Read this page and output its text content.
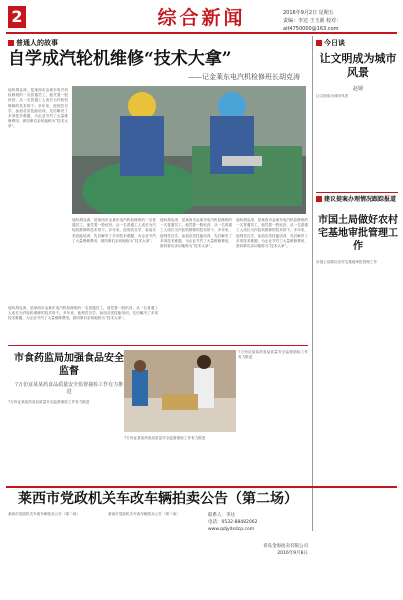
2	综合新闻	2016年9月2日 星期五
责编：李达 王玉新 校对：
ait4750000@163.com
普通人的故事
自学成汽轮机维修“技术大拿”
——记金莱东电汽机检修班长胡克涛
他叫胡克涛，是莱西市金莱东电汽机检修班的一名普通员工，他凭着一股钻劲，从一名普通工人成长为汽轮机维修的技术骨干。多年来，他刻苦自学，参加各类技能培训，先后解决了多项技术难题，为企业节约了大量维修费用，被同事们亲切地称为“技术大拿”。
他叫胡克涛，是莱西市金莱东电汽机检修班的一名普通员工，他凭着一股钻劲，从一名普通工人成长为汽轮机维修的技术骨干。多年来，他刻苦自学，参加各类技能培训，先后解决了多项技术难题，为企业节约了大量维修费用，被同事们亲切地称为“技术大拿”。
他叫胡克涛，是莱西市金莱东电汽机检修班的一名普通员工，他凭着一股钻劲，从一名普通工人成长为汽轮机维修的技术骨干。多年来，他刻苦自学，参加各类技能培训，先后解决了多项技术难题，为企业节约了大量维修费用，被同事们亲切地称为“技术大拿”。
他叫胡克涛，是莱西市金莱东电汽机检修班的一名普通员工，他凭着一股钻劲，从一名普通工人成长为汽轮机维修的技术骨干。多年来，他刻苦自学，参加各类技能培训，先后解决了多项技术难题，为企业节约了大量维修费用，被同事们亲切地称为“技术大拿”。
他叫胡克涛，是莱西市金莱东电汽机检修班的一名普通员工，他凭着一股钻劲，从一名普通工人成长为汽轮机维修的技术骨干。多年来，他刻苦自学，参加各类技能培训，先后解决了多项技术难题，为企业节约了大量维修费用，被同事们亲切地称为“技术大拿”。
市食药监局加强食品安全监督
7万份证某某药食品质量安全监督抽检工作有力推进
7万份证某某药食品质量安全监督抽检工作有力推进
7万份证某某药食品质量安全监督抽检工作有力推进
7万份证某某药食品质量安全监督抽检工作有力推进
今日谈
让文明成为城市风景
赵钢
让文明成为城市风景
建议提案办理情况跟踪报道
市国土局做好农村宅基地审批管理工作
市国土局做好农村宅基地审批管理工作
莱西市党政机关车改车辆拍卖公告（第二场）
莱西市党政机关车改车辆拍卖公告（第二场）	莱西市党政机关车改车辆拍卖公告（第二场）	联系人：李达
电话：0532-88482062
www.qdjydsdcp.com
青岛金海拍卖有限公司
2016年9月8日
